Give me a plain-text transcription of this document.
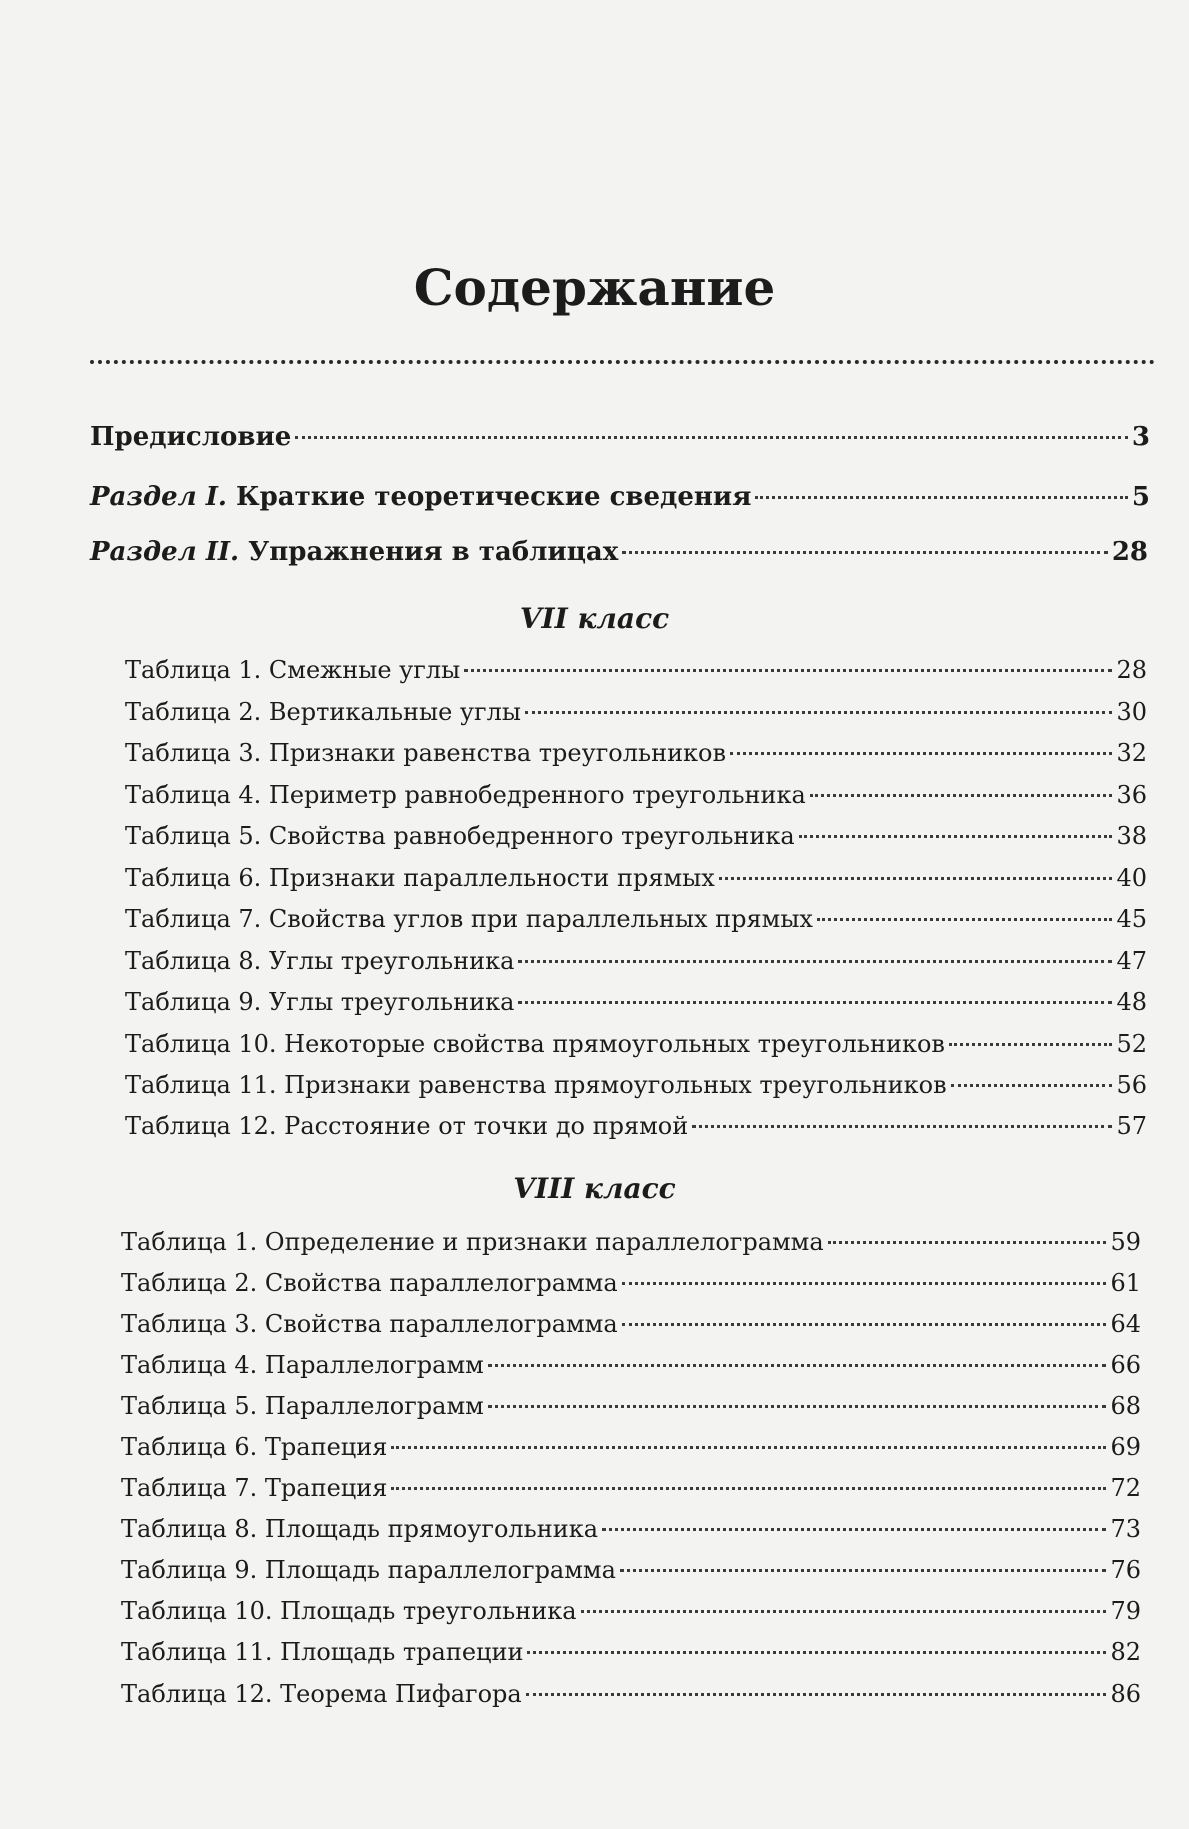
Содержание
Предисловие	3
Раздел I. Краткие теоретические сведения	5
Раздел II. Упражнения в таблицах	28
VII класс
Таблица 1. Смежные углы	28
Таблица 2. Вертикальные углы	30
Таблица 3. Признаки равенства треугольников	32
Таблица 4. Периметр равнобедренного треугольника	36
Таблица 5. Свойства равнобедренного треугольника	38
Таблица 6. Признаки параллельности прямых	40
Таблица 7. Свойства углов при параллельных прямых	45
Таблица 8. Углы треугольника	47
Таблица 9. Углы треугольника	48
Таблица 10. Некоторые свойства прямоугольных треугольников	52
Таблица 11. Признаки равенства прямоугольных треугольников	56
Таблица 12. Расстояние от точки до прямой	57
VIII класс
Таблица 1. Определение и признаки параллелограмма	59
Таблица 2. Свойства параллелограмма	61
Таблица 3. Свойства параллелограмма	64
Таблица 4. Параллелограмм	66
Таблица 5. Параллелограмм	68
Таблица 6. Трапеция	69
Таблица 7. Трапеция	72
Таблица 8. Площадь прямоугольника	73
Таблица 9. Площадь параллелограмма	76
Таблица 10. Площадь треугольника	79
Таблица 11. Площадь трапеции	82
Таблица 12. Теорема Пифагора	86
